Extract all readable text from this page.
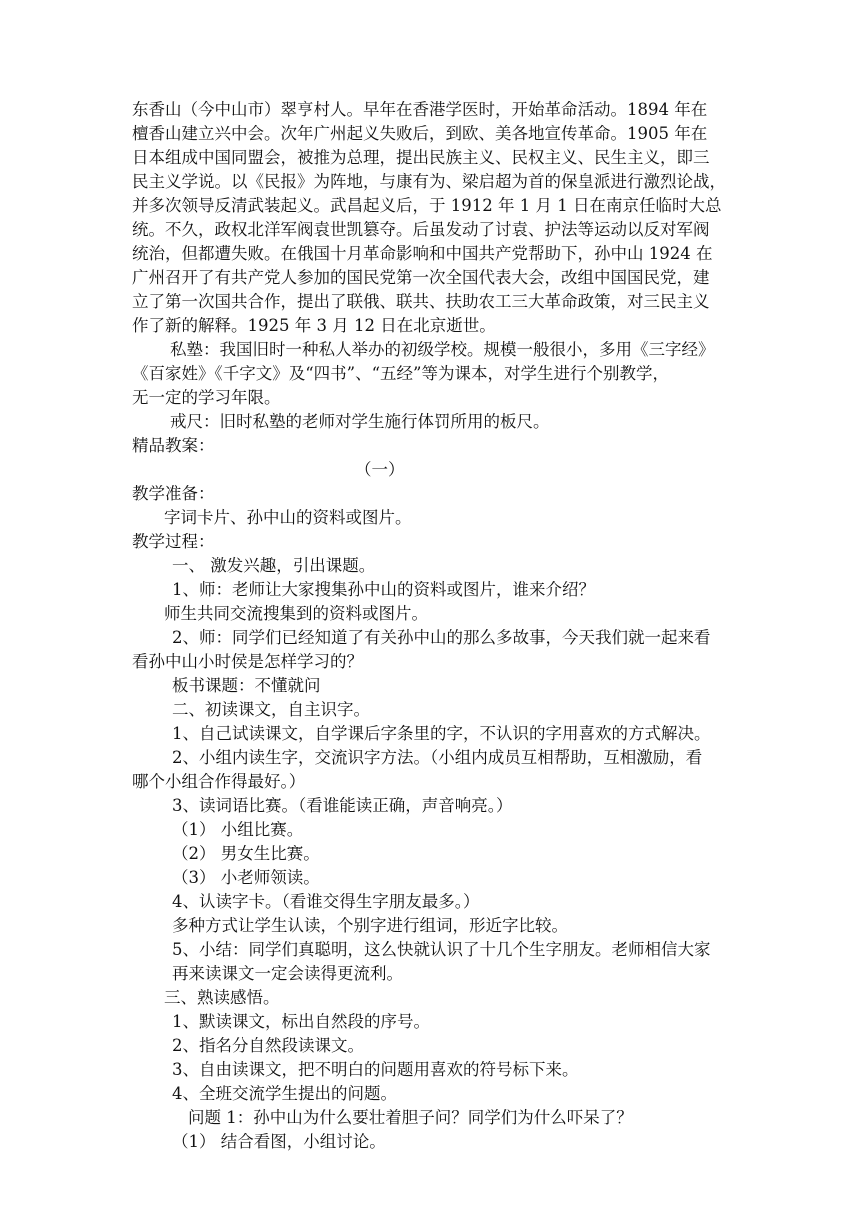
东香山（今中山市）翠亨村人。早年在香港学医时，开始革命活动。1894 年在
檀香山建立兴中会。次年广州起义失败后，到欧、美各地宣传革命。1905 年在
日本组成中国同盟会，被推为总理，提出民族主义、民权主义、民生主义，即三
民主义学说。以《民报》为阵地，与康有为、梁启超为首的保皇派进行激烈论战，
并多次领导反清武装起义。武昌起义后，于 1912 年 1 月 1 日在南京任临时大总
统。不久，政权北洋军阀袁世凯篡夺。后虽发动了讨袁、护法等运动以反对军阀
统治，但都遭失败。在俄国十月革命影响和中国共产党帮助下，孙中山 1924 在
广州召开了有共产党人参加的国民党第一次全国代表大会，改组中国国民党，建
立了第一次国共合作，提出了联俄、联共、扶助农工三大革命政策，对三民主义
作了新的解释。1925 年 3 月 12 日在北京逝世。
私塾：我国旧时一种私人举办的初级学校。规模一般很小，多用《三字经》
《百家姓》《千字文》及“四书”、“五经”等为课本，对学生进行个别教学，
无一定的学习年限。
戒尺：旧时私塾的老师对学生施行体罚所用的板尺。
精品教案：
（一）
教学准备：
字词卡片、孙中山的资料或图片。
教学过程：
一、 激发兴趣，引出课题。
1、师：老师让大家搜集孙中山的资料或图片，谁来介绍？
师生共同交流搜集到的资料或图片。
2、师：同学们已经知道了有关孙中山的那么多故事，今天我们就一起来看
看孙中山小时侯是怎样学习的？
板书课题：不懂就问
二、初读课文，自主识字。
1、自己试读课文，自学课后字条里的字，不认识的字用喜欢的方式解决。
2、小组内读生字，交流识字方法。（小组内成员互相帮助，互相激励，看
哪个小组合作得最好。）
3、读词语比赛。（看谁能读正确，声音响亮。）
（1） 小组比赛。
（2） 男女生比赛。
（3） 小老师领读。
4、认读字卡。（看谁交得生字朋友最多。）
多种方式让学生认读，个别字进行组词，形近字比较。
5、小结：同学们真聪明，这么快就认识了十几个生字朋友。老师相信大家
再来读课文一定会读得更流利。
三、熟读感悟。
1、默读课文，标出自然段的序号。
2、指名分自然段读课文。
3、自由读课文，把不明白的问题用喜欢的符号标下来。
4、全班交流学生提出的问题。
问题 1：孙中山为什么要壮着胆子问？同学们为什么吓呆了？
（1） 结合看图，小组讨论。
